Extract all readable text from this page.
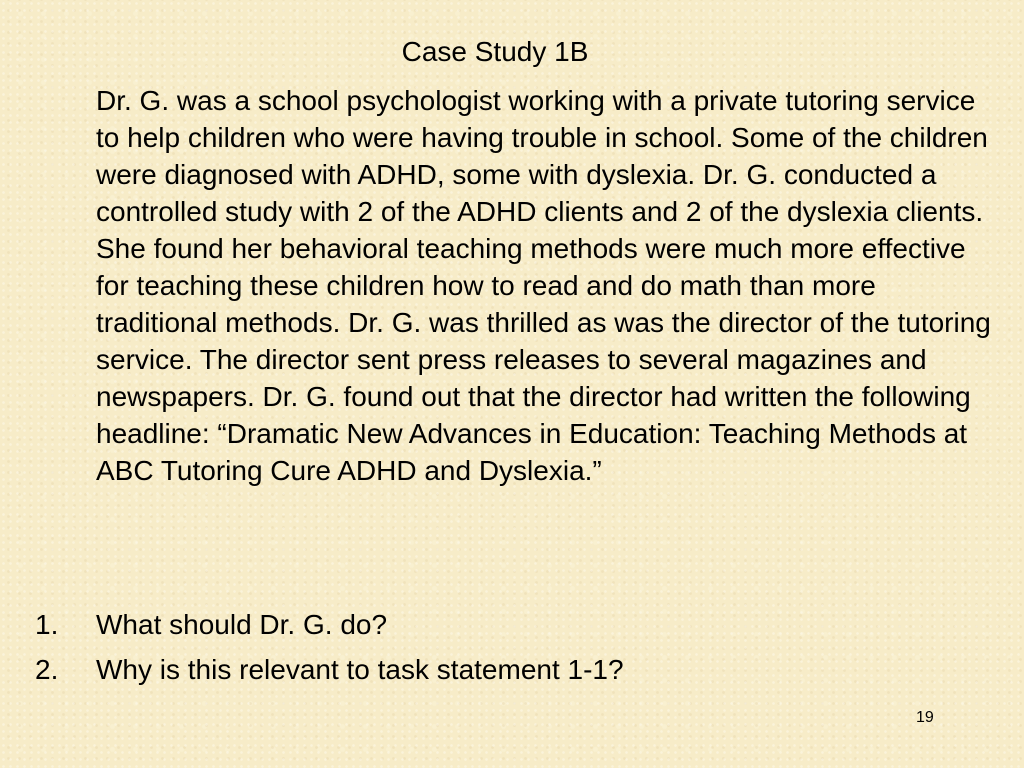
Case Study 1B

Dr. G. was a school psychologist working with a private tutoring service to help children who were having trouble in school. Some of the children were diagnosed with ADHD, some with dyslexia. Dr. G. conducted a controlled study with 2 of the ADHD clients and 2 of the dyslexia clients. She found her behavioral teaching methods were much more effective for teaching these children how to read and do math than more traditional methods. Dr. G. was thrilled as was the director of the tutoring service. The director sent press releases to several magazines and newspapers. Dr. G. found out that the director had written the following headline: “Dramatic New Advances in Education: Teaching Methods at ABC Tutoring Cure ADHD and Dyslexia.”

1. What should Dr. G. do?
2. Why is this relevant to task statement 1-1?
19
